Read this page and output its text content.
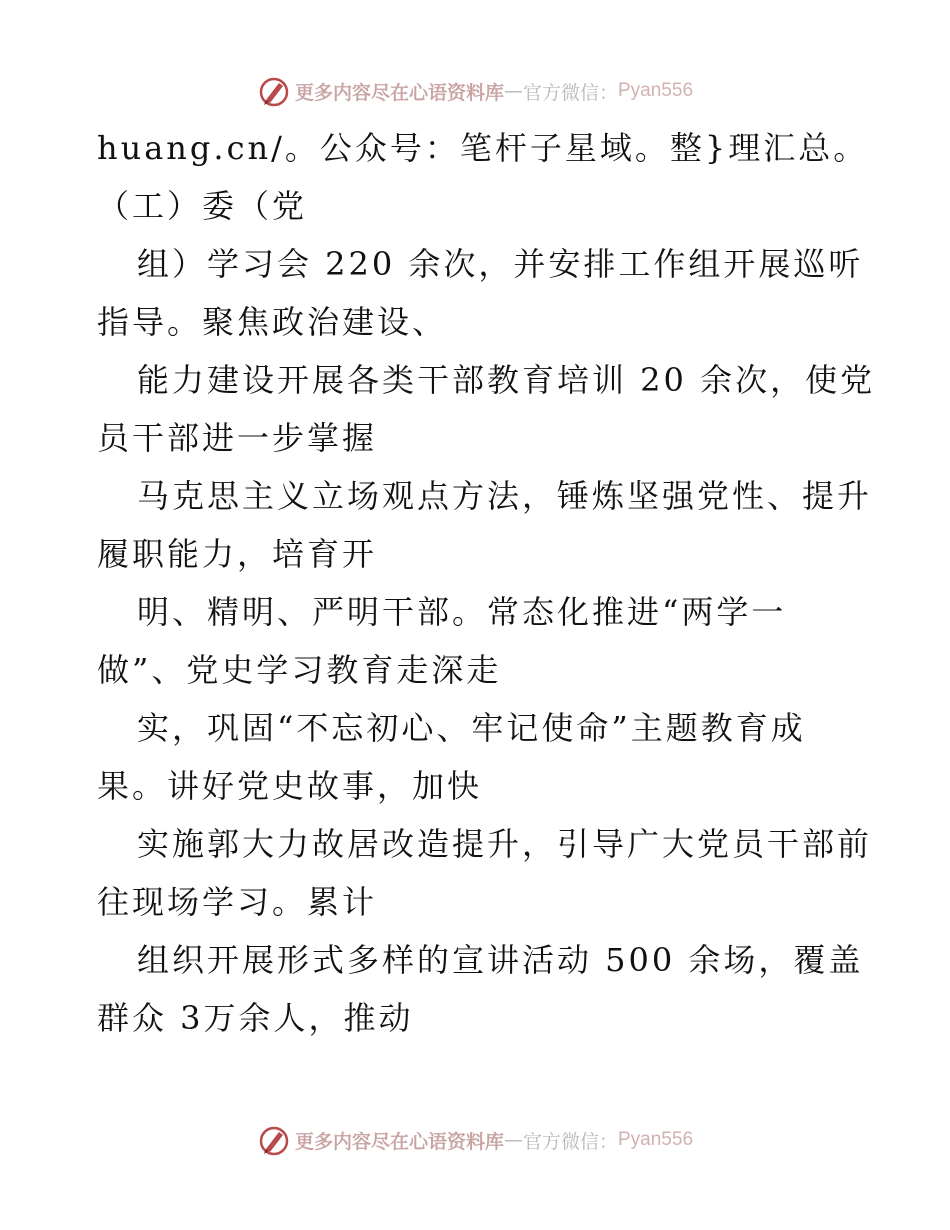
更多内容尽在心语资料库 — 官方微信： Pyan556
huang.cn/。公众号：笔杆子星域。整}理汇总。
（工）委（党
组）学习会 220 余次，并安排工作组开展巡听
指导。聚焦政治建设、
能力建设开展各类干部教育培训 20 余次，使党
员干部进一步掌握
马克思主义立场观点方法，锤炼坚强党性、提升
履职能力，培育开
明、精明、严明干部。常态化推进“两学一
做”、党史学习教育走深走
实，巩固“不忘初心、牢记使命”主题教育成
果。讲好党史故事，加快
实施郭大力故居改造提升，引导广大党员干部前
往现场学习。累计
组织开展形式多样的宣讲活动 500 余场，覆盖
群众 3万余人，推动
更多内容尽在心语资料库 — 官方微信： Pyan556
